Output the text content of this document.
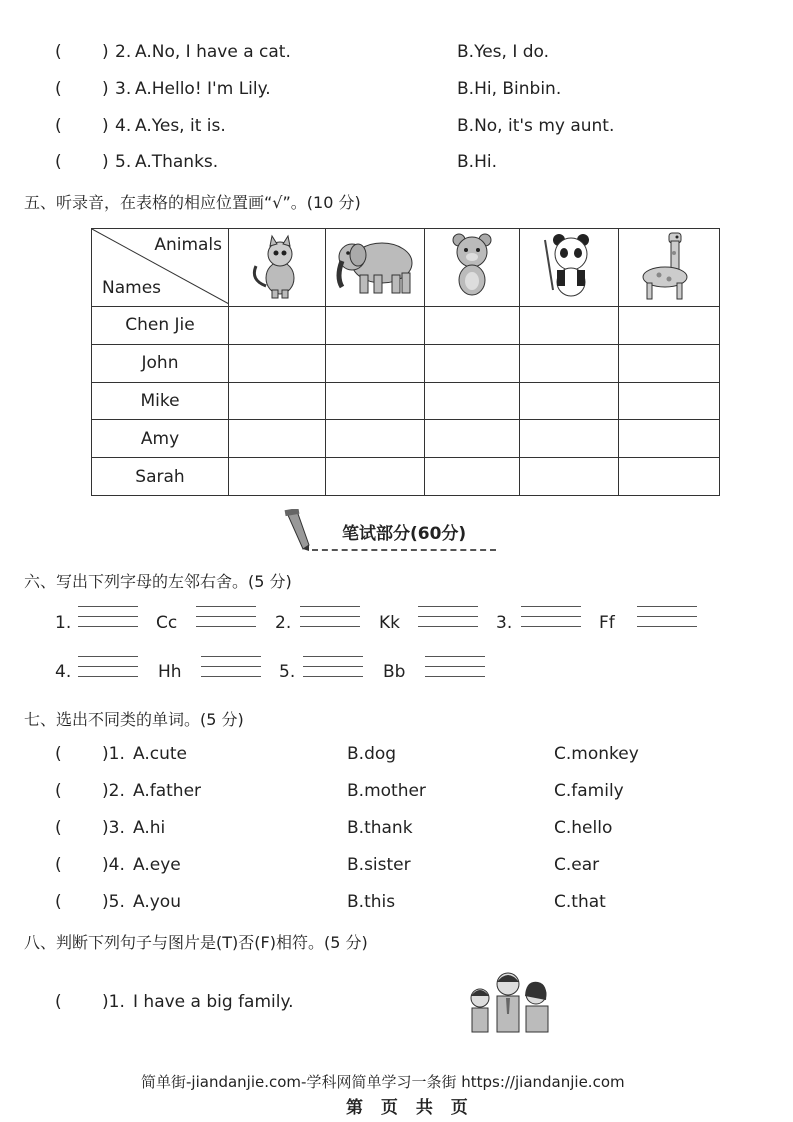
( ) 2. A.No, I have a cat.	B.Yes, I do.
( ) 3. A.Hello! I'm Lily.	B.Hi, Binbin.
( ) 4. A.Yes, it is.	B.No, it's my aunt.
( ) 5. A.Thanks.	B.Hi.
五、听录音，在表格的相应位置画“√”。(10 分)
Animals
Names

Chen Jie					
John					
Mike					
Amy					
Sarah					
笔试部分(60分)
六、写出下列字母的左邻右舍。(5 分)
1.	Cc	2.	Kk	3.	Ff
4.	Hh	5.	Bb
七、选出不同类的单词。(5 分)
( )1. A.cute	B.dog	C.monkey
( )2. A.father	B.mother	C.family
( )3. A.hi	B.thank	C.hello
( )4. A.eye	B.sister	C.ear
( )5. A.you	B.this	C.that
八、判断下列句子与图片是(T)否(F)相符。(5 分)
( )1. I have a big family.
简单街-jiandanjie.com-学科网简单学习一条街 https://jiandanjie.com
第 页 共 页
